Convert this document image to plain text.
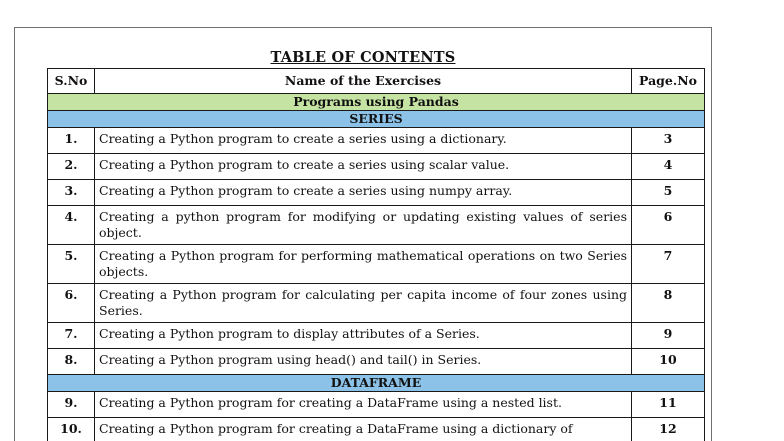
TABLE OF CONTENTS
S.No	Name of the Exercises	Page.No
Programs using Pandas		
SERIES		
1.	Creating a Python program to create a series using a dictionary.	3
2.	Creating a Python program to create a series using scalar value.	4
3.	Creating a Python program to create a series using numpy array.	5
4.	Creating a python program for modifying or updating existing values of series object.	6
5.	Creating a Python program for performing mathematical operations on two Series objects.	7
6.	Creating a Python program for calculating per capita income of four zones using Series.	8
7.	Creating a Python program to display attributes of a Series.	9
8.	Creating a Python program using head() and tail() in Series.	10
DATAFRAME		
9.	Creating a Python program for creating a DataFrame using a nested list.	11
10.	Creating a Python program for creating a DataFrame using a dictionary of	12
